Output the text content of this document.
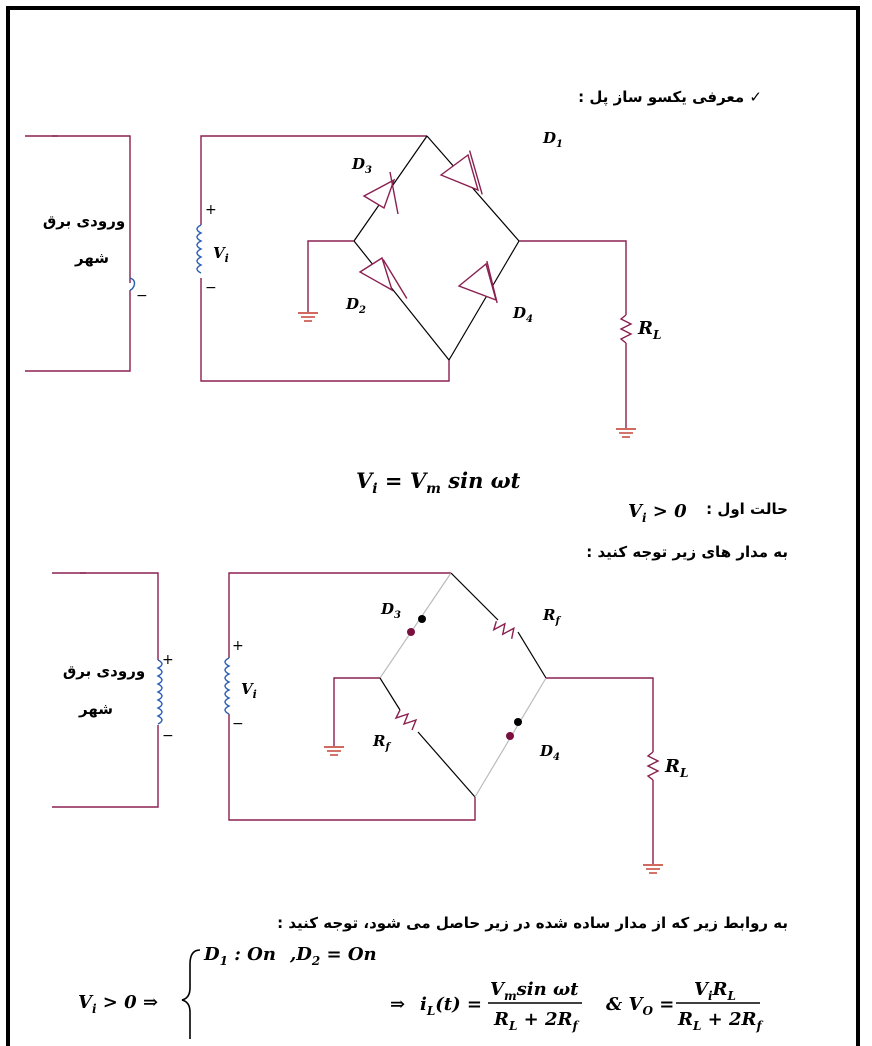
✓ معرفی یکسو ساز پل :
حالت اول :
به مدار های زیر توجه کنید :
به روابط زیر که از مدار ساده شده در زیر حاصل می شود، توجه کنید :
−
ورودی برق
شهر
+
−
$V_i$
$D_3$
$D_1$
$D_2$	$D_4$	$R_L$
$V_i = V_m$ sin ωt
$V_i > 0$
+
−
ورودی برق
شهر
+
−
$V_i$
$D_3$	$R_f$
$R_f$	$D_4$	$R_L$
$V_i > 0$ ⇒
$D_1$ : On $,D_2 = On$
⇒ $i_L(t)$ =
$V_m\sin$ ωt
$R_L + 2R_f$
& $V_O$ =
$V_iR_L$
$R_L + 2R_f$
